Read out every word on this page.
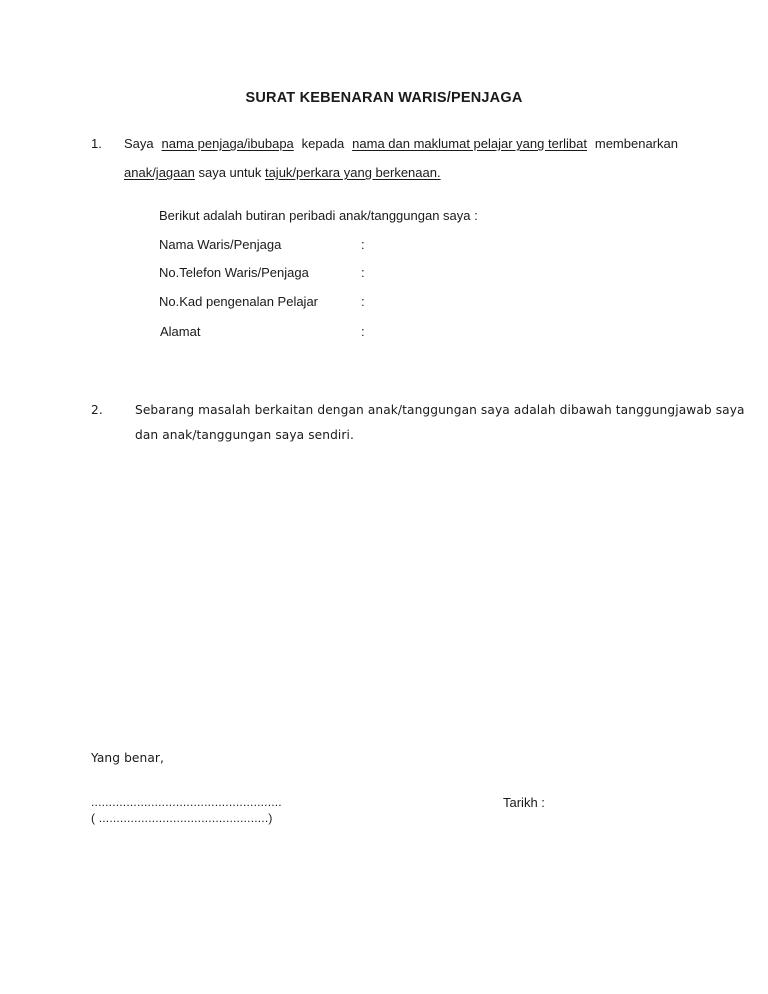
SURAT KEBENARAN WARIS/PENJAGA
1. Saya nama penjaga/ibubapa kepada nama dan maklumat pelajar yang terlibat membenarkan
anak/jagaan saya untuk tajuk/perkara yang berkenaan.
Berikut adalah butiran peribadi anak/tanggungan saya :
Nama Waris/Penjaga	:
No.Telefon Waris/Penjaga	:
No.Kad pengenalan Pelajar	:
Alamat	:
2.	Sebarang masalah berkaitan dengan anak/tanggungan saya adalah dibawah tanggungjawab saya
dan anak/tanggungan saya sendiri.
Yang benar,
......................................................
( ................................................)
Tarikh :
